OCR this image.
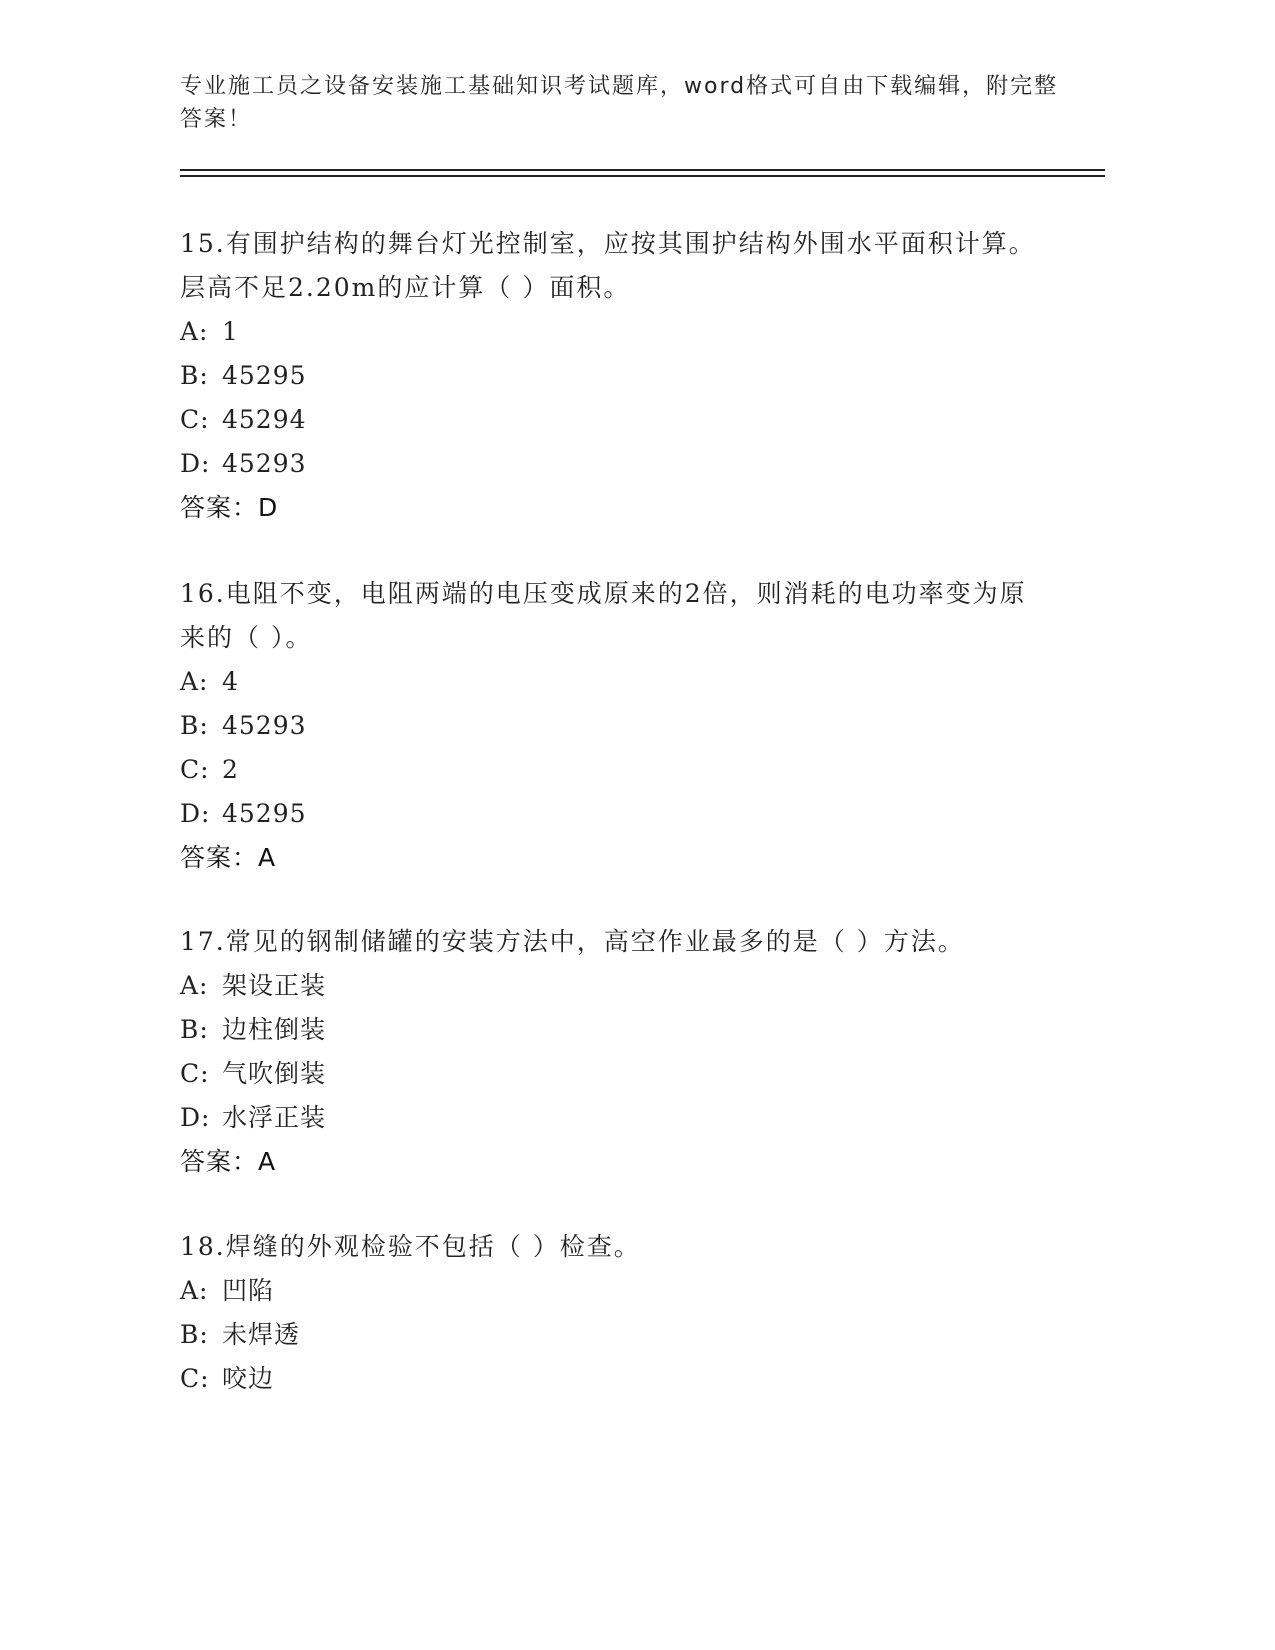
专业施工员之设备安装施工基础知识考试题库，word格式可自由下载编辑，附完整答案！
15.有围护结构的舞台灯光控制室，应按其围护结构外围水平面积计算。层高不足2.20m的应计算（ ）面积。
A: 1
B: 45295
C: 45294
D: 45293
答案：D
16.电阻不变，电阻两端的电压变成原来的2倍，则消耗的电功率变为原来的（ ）。
A: 4
B: 45293
C: 2
D: 45295
答案：A
17.常见的钢制储罐的安装方法中，高空作业最多的是（ ）方法。
A: 架设正装
B: 边柱倒装
C: 气吹倒装
D: 水浮正装
答案：A
18.焊缝的外观检验不包括（ ）检查。
A: 凹陷
B: 未焊透
C: 咬边
